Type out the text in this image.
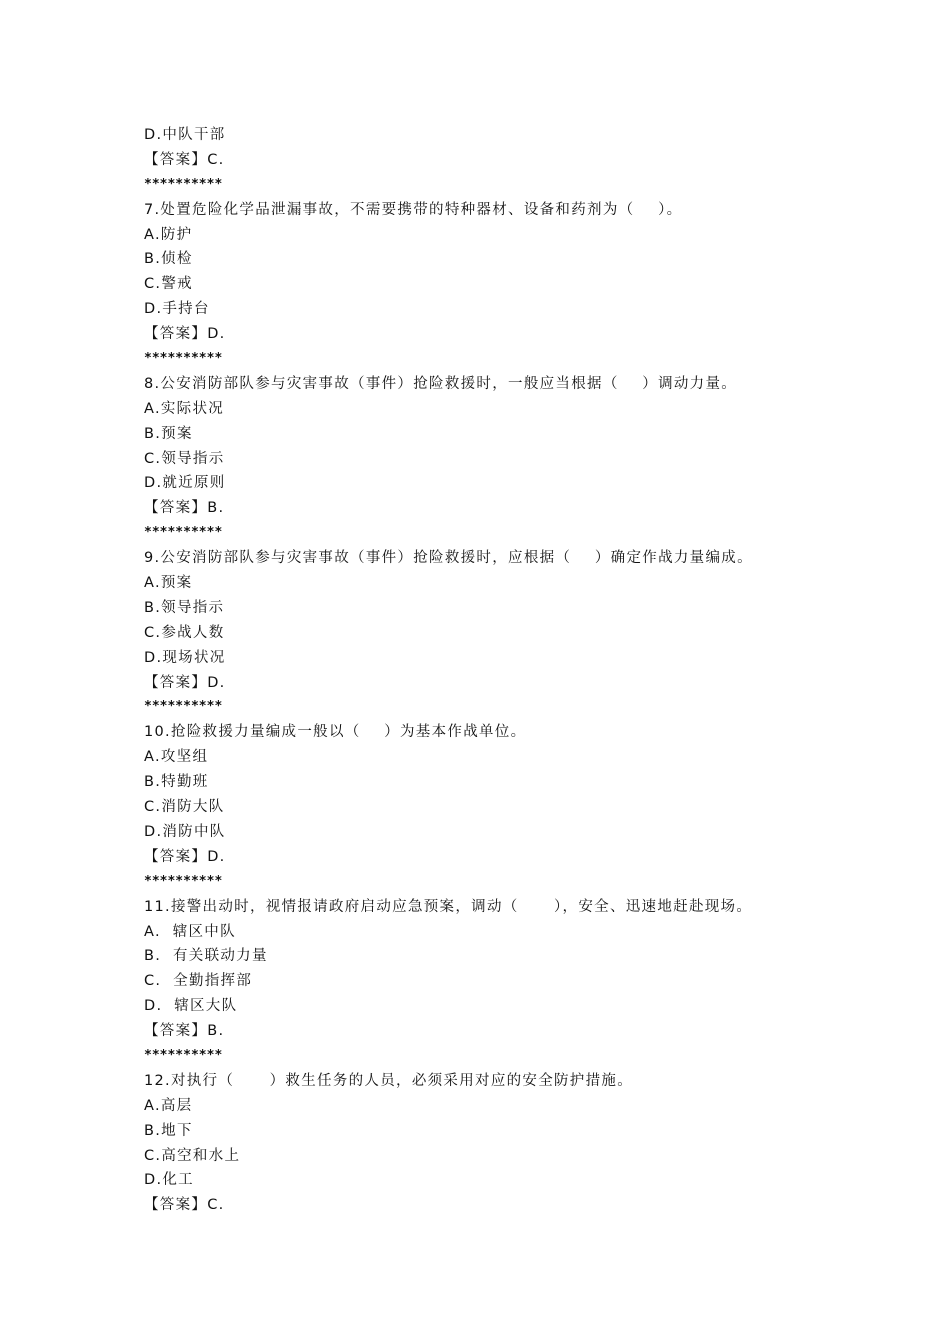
D.中队干部
【答案】C.
**********
7.处置危险化学品泄漏事故，不需要携带的特种器材、设备和药剂为（    ）。
A.防护
B.侦检
C.警戒
D.手持台
【答案】D.
**********
8.公安消防部队参与灾害事故（事件）抢险救援时，一般应当根据（    ）调动力量。
A.实际状况
B.预案
C.领导指示
D.就近原则
【答案】B.
**********
9.公安消防部队参与灾害事故（事件）抢险救援时，应根据（    ）确定作战力量编成。
A.预案
B.领导指示
C.参战人数
D.现场状况
【答案】D.
**********
10.抢险救援力量编成一般以（    ）为基本作战单位。
A.攻坚组
B.特勤班
C.消防大队
D.消防中队
【答案】D.
**********
11.接警出动时，视情报请政府启动应急预案，调动（      ），安全、迅速地赶赴现场。
A.  辖区中队
B.  有关联动力量
C.  全勤指挥部
D.  辖区大队
【答案】B.
**********
12.对执行（      ）救生任务的人员，必须采用对应的安全防护措施。
A.高层
B.地下
C.高空和水上
D.化工
【答案】C.
